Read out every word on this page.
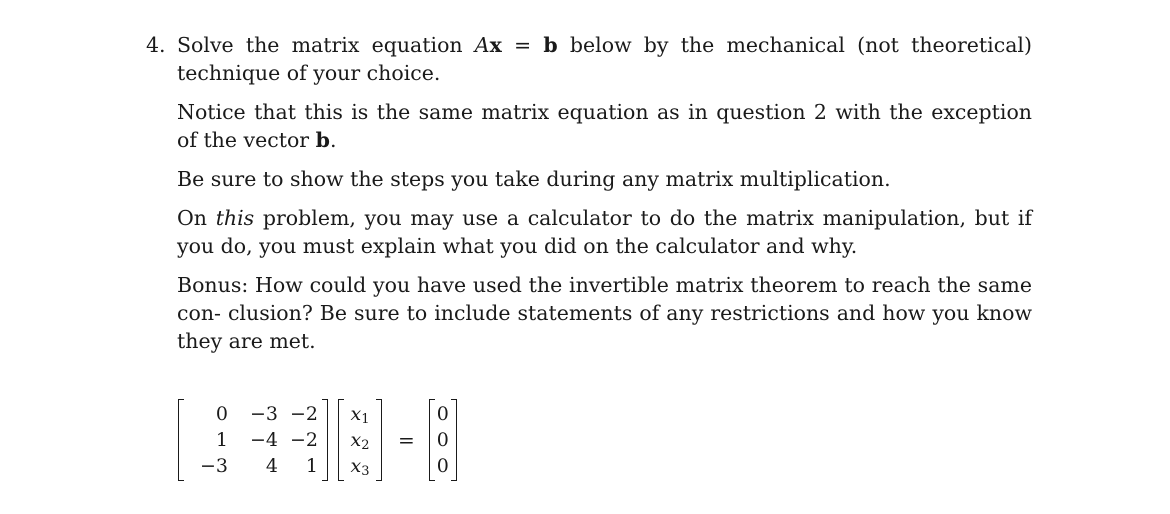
4. Solve the matrix equation Ax = b below by the mechanical (not theoretical) technique of your choice.

Notice that this is the same matrix equation as in question 2 with the exception of the vector b.

Be sure to show the steps you take during any matrix multiplication.

On this problem, you may use a calculator to do the matrix manipulation, but if you do, you must explain what you did on the calculator and why.

Bonus: How could you have used the invertible matrix theorem to reach the same con- clusion? Be sure to include statements of any restrictions and how you know they are met.

0	−3 −2
1	−4 −2
−3	4	1
$x_1$
$x_2$
$x_3$
=
0
0
0
